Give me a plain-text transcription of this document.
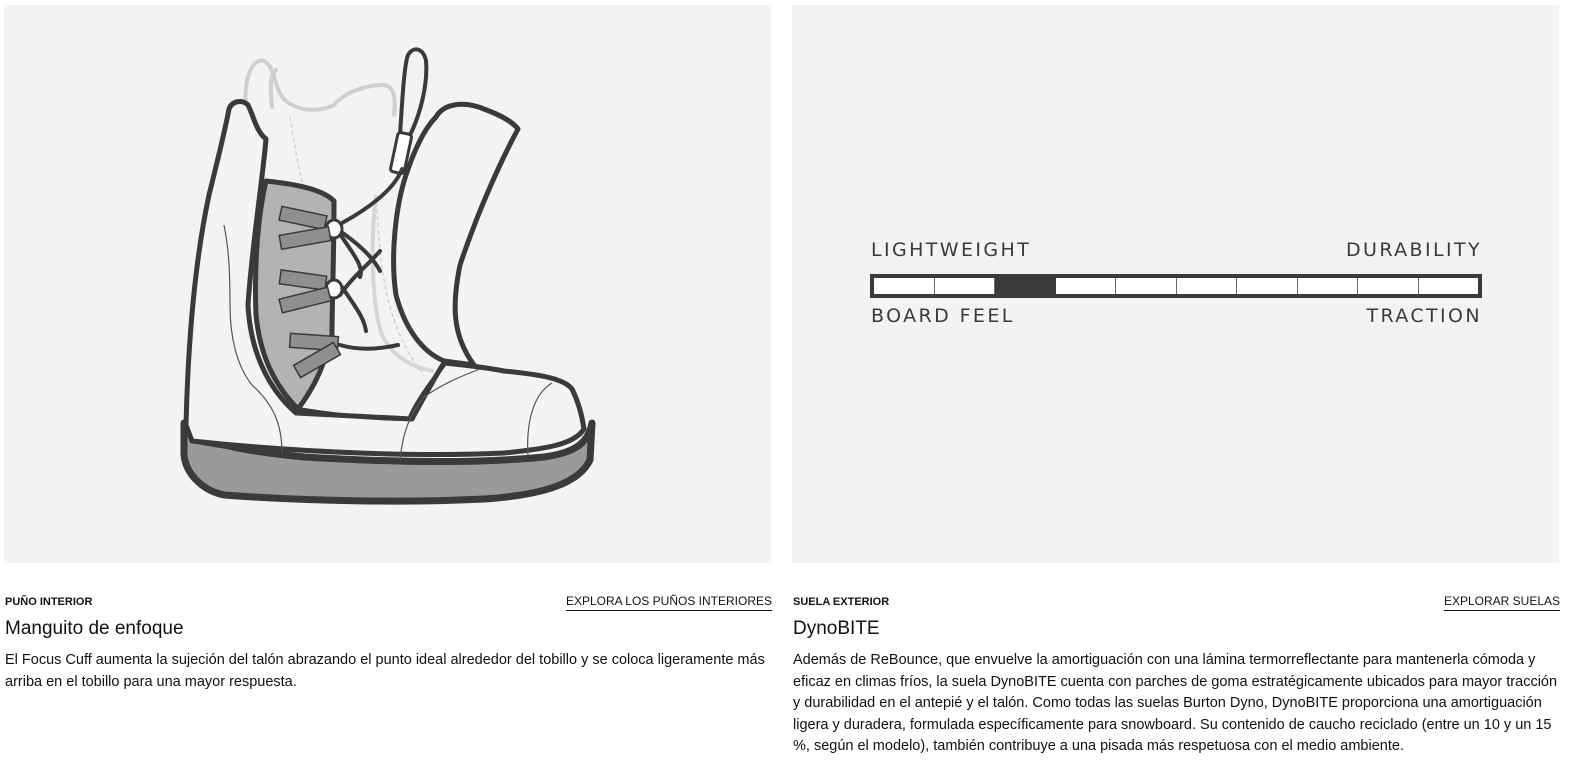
LIGHTWEIGHT	DURABILITY
BOARD FEEL	TRACTION
PUÑO INTERIOR	EXPLORA LOS PUÑOS INTERIORES
Manguito de enfoque
El Focus Cuff aumenta la sujeción del talón abrazando el punto ideal alrededor del tobillo y se coloca ligeramente más arriba en el tobillo para una mayor respuesta.
SUELA EXTERIOR	EXPLORAR SUELAS
DynoBITE
Además de ReBounce, que envuelve la amortiguación con una lámina termorreflectante para mantenerla cómoda y eficaz en climas fríos, la suela DynoBITE cuenta con parches de goma estratégicamente ubicados para mayor tracción y durabilidad en el antepié y el talón. Como todas las suelas Burton Dyno, DynoBITE proporciona una amortiguación ligera y duradera, formulada específicamente para snowboard. Su contenido de caucho reciclado (entre un 10 y un 15 %, según el modelo), también contribuye a una pisada más respetuosa con el medio ambiente.
